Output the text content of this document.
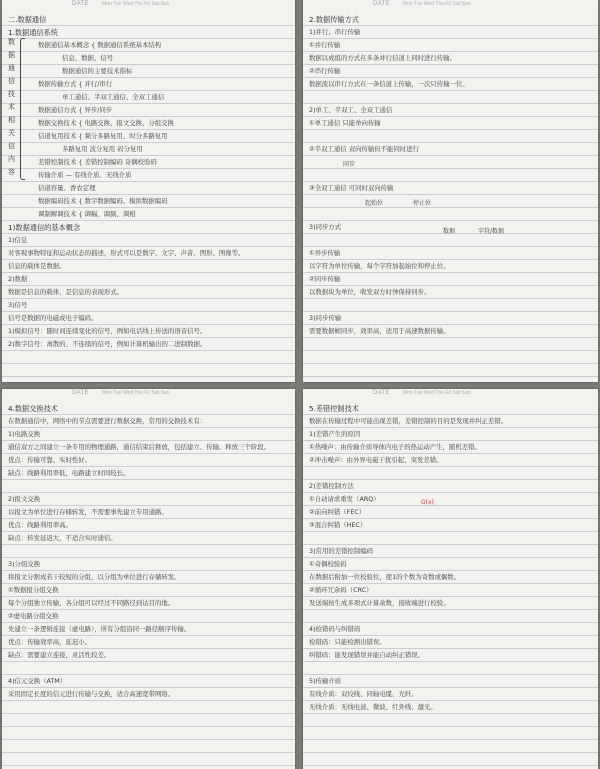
DATE	Mon Tue Wed Thu Fri Sat Sun
二.数据通信
1.数据通信系统
数
据
通
信
技
术
相
关
信
内
容
数据通信基本概念 { 数据通信系统基本结构
信息、数据、信号
数据通信的主要技术指标
数据传输方式 { 并行/串行
单工通信、半双工通信、全双工通信
数据通信方式 { 异步/同步
数据交换技术 { 电路交换、报文交换、分组交换
信道复用技术 { 频分多路复用、时分多路复用
多路复用 波分复用 码分复用
差错控制技术 { 差错控制编码 奇偶校验码
传输介质 — 有线介质、无线介质
信道容量、香农定理
数据编码技术 { 数字数据编码、模拟数据编码
调制解调技术 { 调幅、调频、调相
1)数据通信的基本概念
1)信息
对客观事物特征和运动状态的描述，形式可以是数字、文字、声音、图形、图像等。
信息的载体是数据。
2)数据
数据是信息的载体，是信息的表现形式。
3)信号
信号是数据的电磁或电子编码。
1)模拟信号：随时间连续变化的信号，例如电话线上传送的语音信号。
2)数字信号：离散的、不连续的信号，例如计算机输出的二进制数据。
DATE	Mon Tue Wed Thu Fri Sat Sun
2.数据传输方式
1)并行、串行传输
①并行传输
数据以成组的方式在多条并行信道上同时进行传输。
②串行传输
数据流以串行方式在一条信道上传输，一次只传输一位。
2)单工、半双工、全双工通信
①单工通信 只能单向传输
②半双工通信 双向传输但不能同时进行
同步
③全双工通信 可同时双向传输
起始位	停止位
3)同步方式
数据	字符/数据
①异步传输
以字符为单位传输，每个字符加起始位和停止位。
②同步传输
以数据块为单位，收发双方时钟保持同步。
3)同步传输
需要数据帧同步，效率高，适用于高速数据传输。
DATE	Mon Tue Wed Thu Fri Sat Sun
4.数据交换技术
在数据通信中，网络中的节点需要进行数据交换，常用的交换技术有：
1)电路交换
通信双方之间建立一条专用的物理通路，通信结束后释放，包括建立、传输、释放三个阶段。
优点：传输可靠、实时性好。
缺点：线路利用率低，电路建立时间较长。
2)报文交换
以报文为单位进行存储转发，不需要事先建立专用通路。
优点：线路利用率高。
缺点：转发延迟大，不适合实时通信。
3)分组交换
将报文分割成若干较短的分组，以分组为单位进行存储转发。
①数据报分组交换
每个分组独立传输，各分组可以经过不同路径到达目的地。
②虚电路分组交换
先建立一条逻辑连接（虚电路），所有分组沿同一路径顺序传输。
优点：传输效率高，延迟小。
缺点：需要建立连接，灵活性较差。
4)信元交换（ATM）
采用固定长度的信元进行传输与交换，适合高速宽带网络。
DATE	Mon Tue Wed Thu Fri Sat Sun
5.差错控制技术
数据在传输过程中可能出现差错，差错控制的目的是发现并纠正差错。
1)差错产生的原因
①热噪声：由传输介质导体内电子的热运动产生，随机差错。
②冲击噪声：由外界电磁干扰引起，突发差错。
G(x)
2)差错控制方法
①自动请求重发（ARQ）
②前向纠错（FEC）
③混合纠错（HEC）
3)常用的差错控制编码
①奇偶校验码
在数据后附加一位校验位，使1的个数为奇数或偶数。
②循环冗余码（CRC）
发送端按生成多项式计算余数，接收端进行校验。
4)检错码与纠错码
检错码：只能检测出错误。
纠错码：能发现错误并能自动纠正错误。
5)传输介质
有线介质：双绞线、同轴电缆、光纤。
无线介质：无线电波、微波、红外线、激光。
